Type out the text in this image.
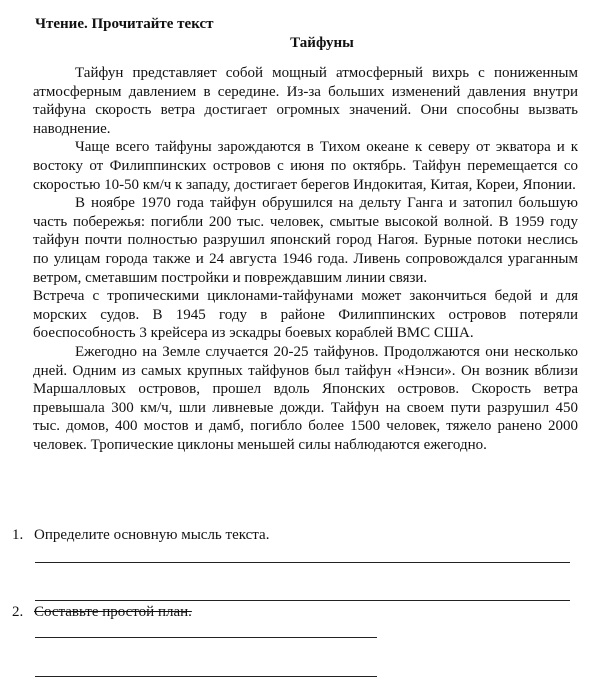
Чтение. Прочитайте текст
Тайфуны

Тайфун представляет собой мощный атмосферный вихрь с пониженным атмосферным давлением в середине. Из-за больших изменений давления внутри тайфуна скорость ветра достигает огромных значений. Они способны вызвать наводнение.

Чаще всего тайфуны зарождаются в Тихом океане к северу от экватора и к востоку от Филиппинских островов с июня по октябрь. Тайфун перемещается со скоростью 10-50 км/ч к западу, достигает берегов Индокитая, Китая, Кореи, Японии.

В ноябре 1970 года тайфун обрушился на дельту Ганга и затопил большую часть побережья: погибли 200 тыс. человек, смытые высокой волной. В 1959 году тайфун почти полностью разрушил японский город Нагоя. Бурные потоки неслись по улицам города также и 24 августа 1946 года. Ливень сопровождался ураганным ветром, сметавшим постройки и повреждавшим линии связи.

Встреча с тропическими циклонами-тайфунами может закончиться бедой и для морских судов. В 1945 году в районе Филиппинских островов потеряли боеспособность 3 крейсера из эскадры боевых кораблей ВМС США.

Ежегодно на Земле случается 20-25 тайфунов. Продолжаются они несколько дней. Одним из самых крупных тайфунов был тайфун «Нэнси». Он возник вблизи Маршалловых островов, прошел вдоль Японских островов. Скорость ветра превышала 300 км/ч, шли ливневые дожди. Тайфун на своем пути разрушил 450 тыс. домов, 400 мостов и дамб, погибло более 1500 человек, тяжело ранено 2000 человек. Тропические циклоны меньшей силы наблюдаются ежегодно.

1. Определите основную мысль текста.
2. Составьте простой план.
